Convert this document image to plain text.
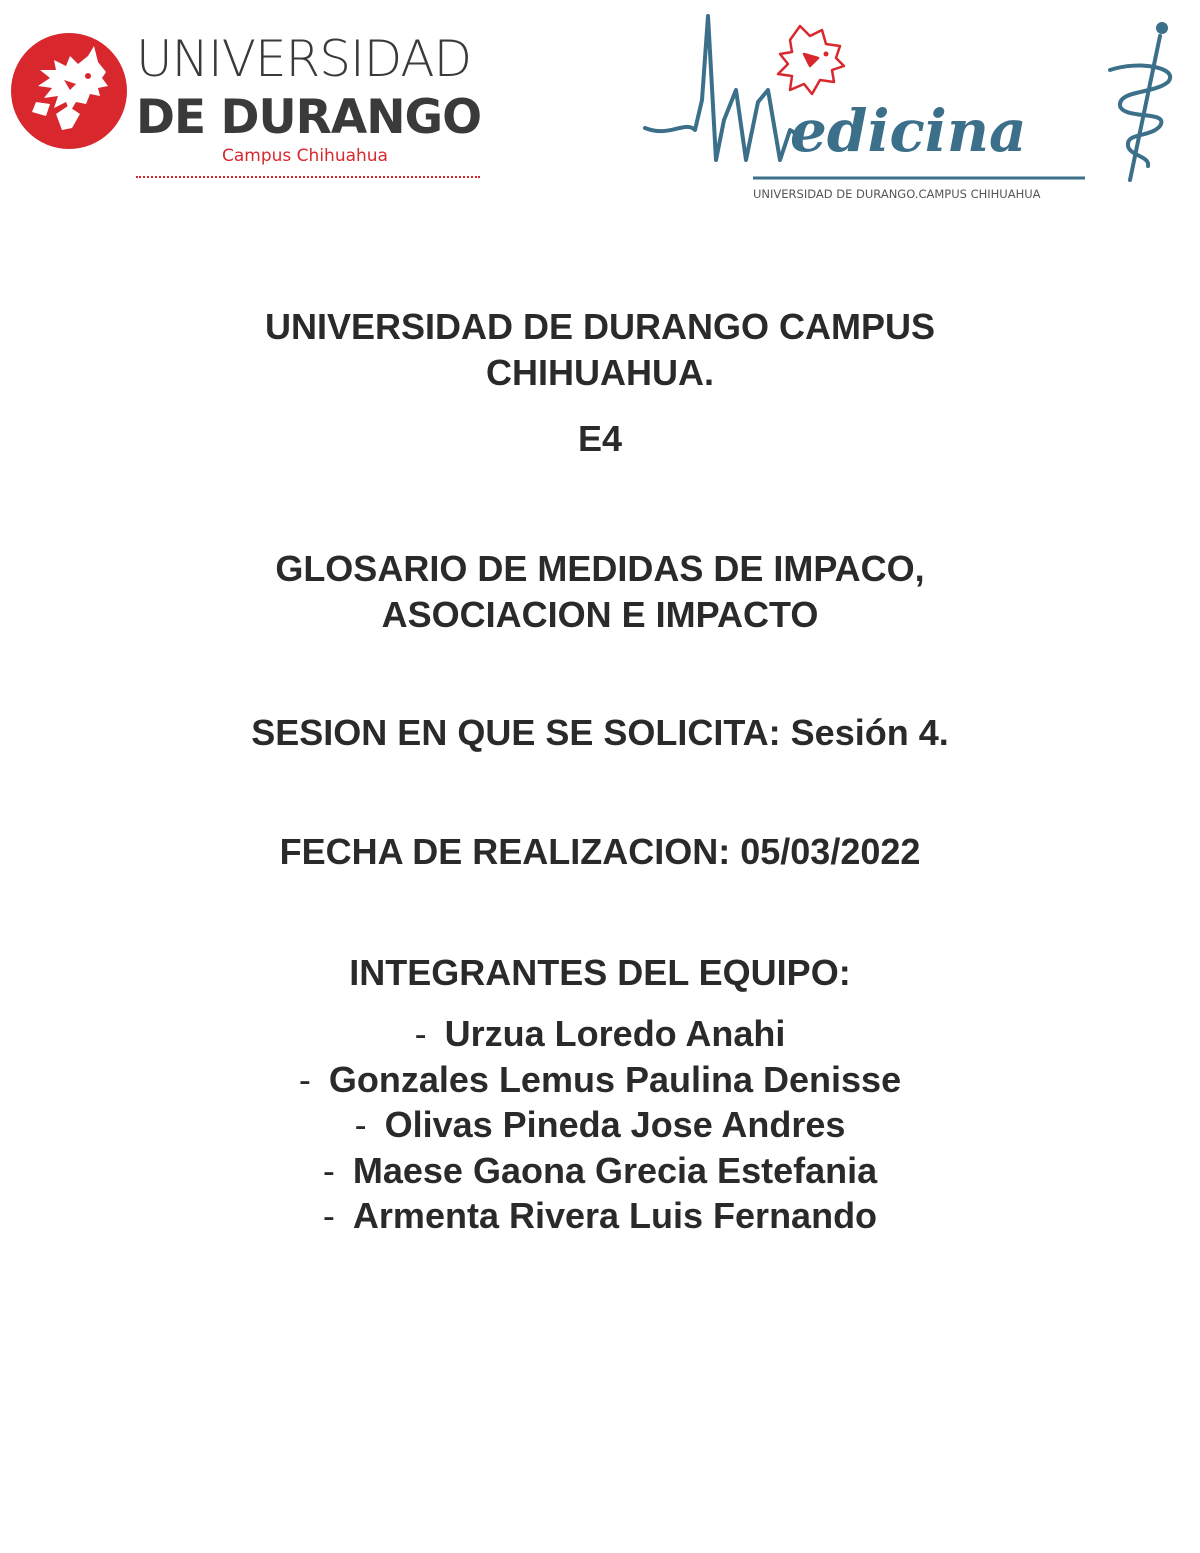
UNIVERSIDAD
DE DURANGO
Campus Chihuahua	edicina
UNIVERSIDAD DE DURANGO.CAMPUS CHIHUAHUA
UNIVERSIDAD DE DURANGO CAMPUS
CHIHUAHUA.
E4
GLOSARIO DE MEDIDAS DE IMPACO,
ASOCIACION E IMPACTO
SESION EN QUE SE SOLICITA: Sesión 4.
FECHA DE REALIZACION: 05/03/2022
INTEGRANTES DEL EQUIPO:
- Urzua Loredo Anahi
- Gonzales Lemus Paulina Denisse
- Olivas Pineda Jose Andres
- Maese Gaona Grecia Estefania
- Armenta Rivera Luis Fernando
